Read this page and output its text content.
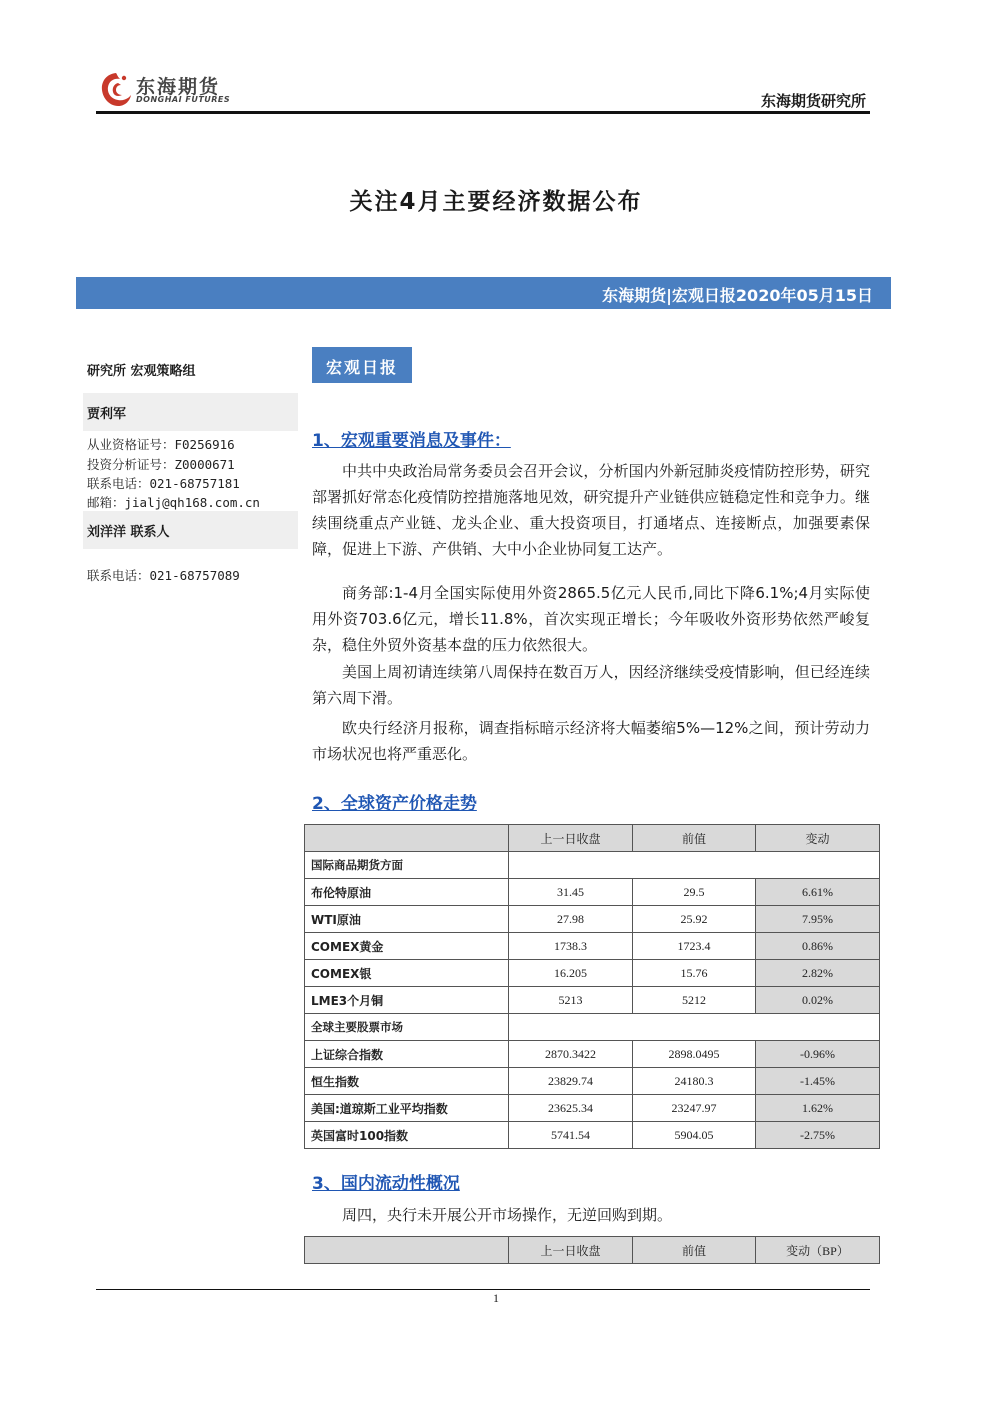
东海期货
DONGHAI FUTURES	东海期货研究所
关注4月主要经济数据公布
东海期货|宏观日报2020年05月15日
研究所 宏观策略组
贾利军
从业资格证号：F0256916
投资分析证号：Z0000671
联系电话：021-68757181
邮箱：jialj@qh168.com.cn
刘洋洋 联系人
联系电话：021-68757089
宏观日报
1、宏观重要消息及事件：
中共中央政治局常务委员会召开会议，分析国内外新冠肺炎疫情防控形势，研究部署抓好常态化疫情防控措施落地见效，研究提升产业链供应链稳定性和竞争力。继续围绕重点产业链、龙头企业、重大投资项目，打通堵点、连接断点，加强要素保障，促进上下游、产供销、大中小企业协同复工达产。
商务部:1-4月全国实际使用外资2865.5亿元人民币,同比下降6.1%;4月实际使用外资703.6亿元，增长11.8%，首次实现正增长；今年吸收外资形势依然严峻复杂，稳住外贸外资基本盘的压力依然很大。
美国上周初请连续第八周保持在数百万人，因经济继续受疫情影响，但已经连续第六周下滑。
欧央行经济月报称，调查指标暗示经济将大幅萎缩5%—12%之间，预计劳动力市场状况也将严重恶化。
2、全球资产价格走势
	上一日收盘	前值	变动
国际商品期货方面			
布伦特原油	31.45	29.5	6.61%
WTI原油	27.98	25.92	7.95%
COMEX黄金	1738.3	1723.4	0.86%
COMEX银	16.205	15.76	2.82%
LME3个月铜	5213	5212	0.02%
全球主要股票市场			
上证综合指数	2870.3422	2898.0495	-0.96%
恒生指数	23829.74	24180.3	-1.45%
美国:道琼斯工业平均指数	23625.34	23247.97	1.62%
英国富时100指数	5741.54	5904.05	-2.75%
3、国内流动性概况
周四，央行未开展公开市场操作，无逆回购到期。
	上一日收盘	前值	变动（BP）
1
